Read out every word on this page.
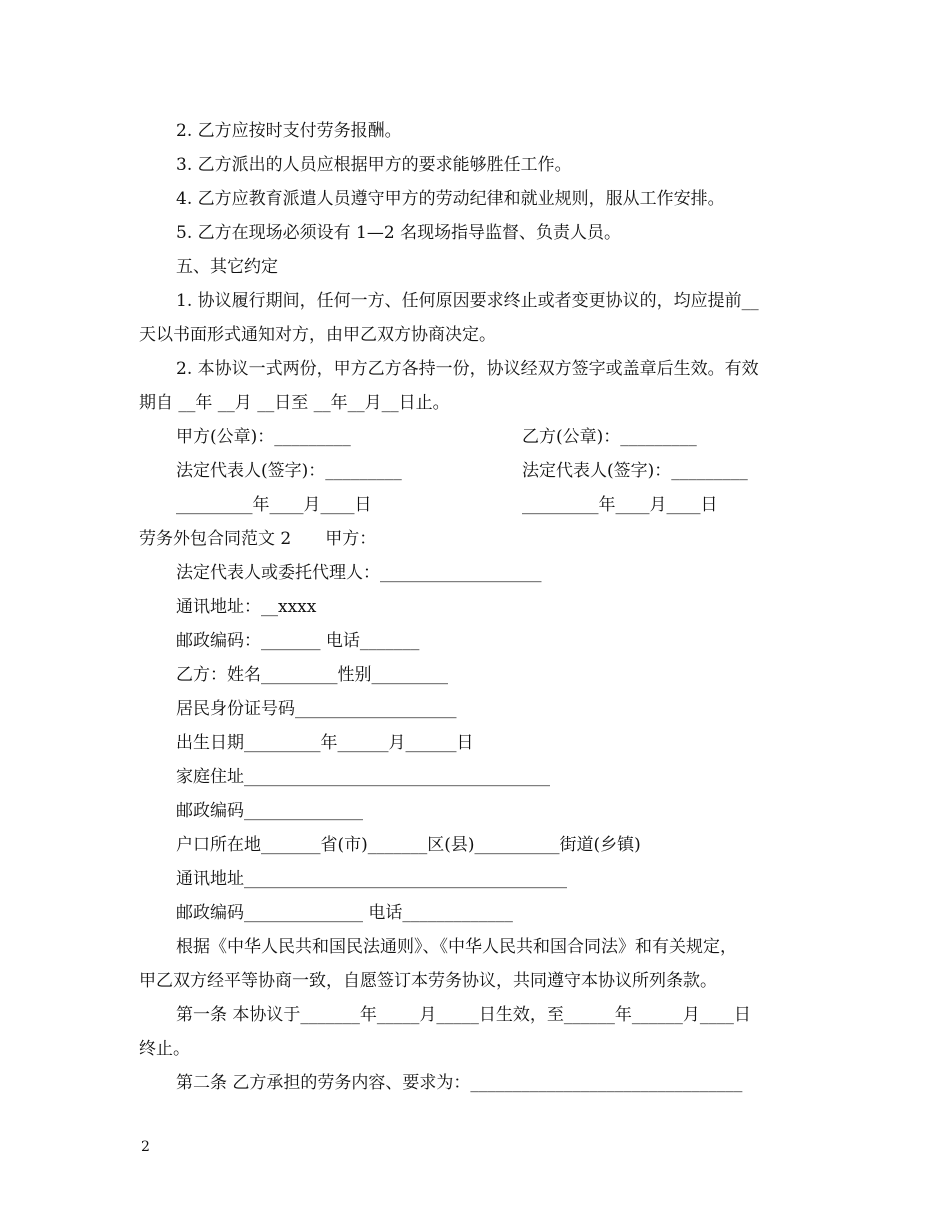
2. 乙方应按时支付劳务报酬。
3. 乙方派出的人员应根据甲方的要求能够胜任工作。
4. 乙方应教育派遣人员遵守甲方的劳动纪律和就业规则，服从工作安排。
5. 乙方在现场必须设有 1—2 名现场指导监督、负责人员。
五、其它约定
1. 协议履行期间，任何一方、任何原因要求终止或者变更协议的，均应提前__
天以书面形式通知对方，由甲乙双方协商决定。
2. 本协议一式两份，甲方乙方各持一份，协议经双方签字或盖章后生效。有效
期自 __年 __月 __日至 __年__月__日止。
甲方(公章)：_________	乙方(公章)：_________
法定代表人(签字)：_________	法定代表人(签字)：_________
_________年____月____日	_________年____月____日
劳务外包合同范文 2　　甲方：
法定代表人或委托代理人：___________________
通讯地址：__xxxx
邮政编码：_______ 电话_______
乙方：姓名_________性别_________
居民身份证号码___________________
出生日期_________年______月______日
家庭住址____________________________________
邮政编码______________
户口所在地_______省(市)_______区(县)__________街道(乡镇)
通讯地址______________________________________
邮政编码______________ 电话_____________
根据《中华人民共和国民法通则》、《中华人民共和国合同法》和有关规定，
甲乙双方经平等协商一致，自愿签订本劳务协议，共同遵守本协议所列条款。
第一条 本协议于_______年_____月_____日生效，至______年______月____日
终止。
第二条 乙方承担的劳务内容、要求为：________________________________
2
